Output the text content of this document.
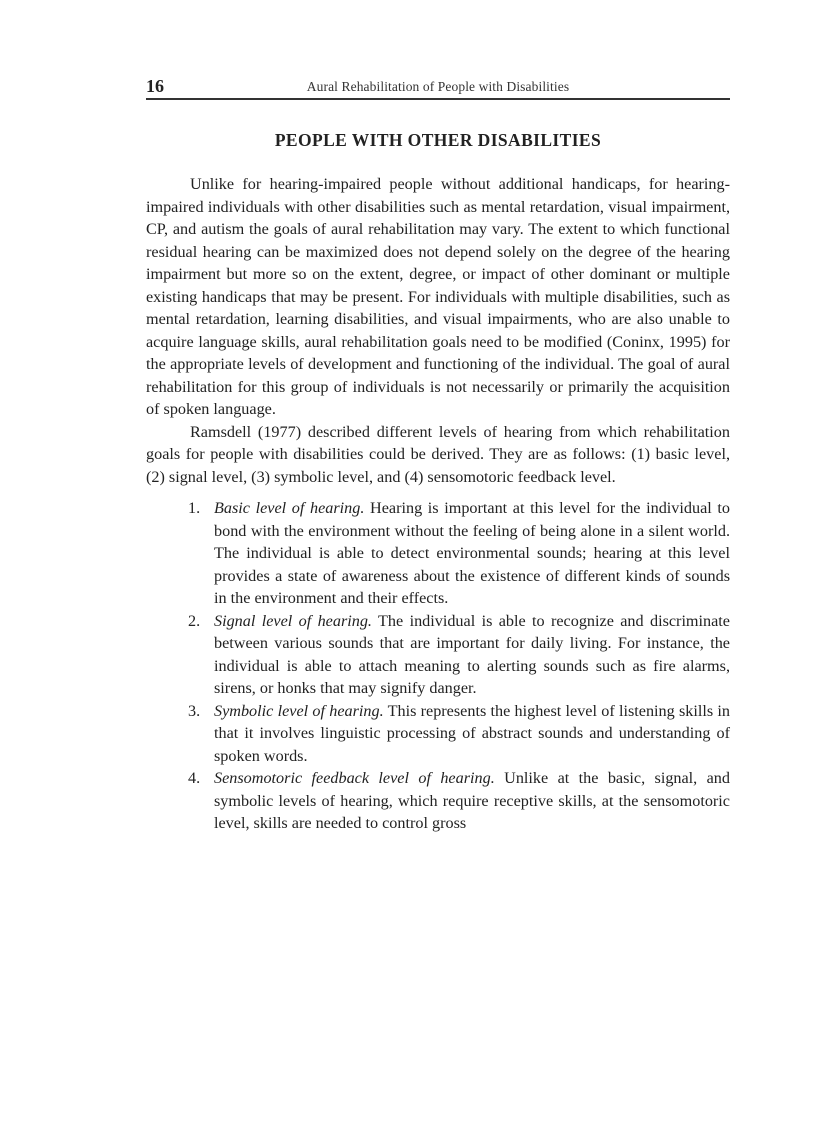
16	Aural Rehabilitation of People with Disabilities
PEOPLE WITH OTHER DISABILITIES

Unlike for hearing-impaired people without additional handicaps, for hearing-impaired individuals with other disabilities such as mental retardation, visual impairment, CP, and autism the goals of aural rehabilitation may vary. The extent to which functional residual hearing can be maximized does not depend solely on the degree of the hearing impairment but more so on the extent, degree, or impact of other dominant or multiple existing handicaps that may be present. For individuals with multiple disabilities, such as mental retardation, learning disabilities, and visual impairments, who are also unable to acquire language skills, aural rehabilitation goals need to be modified (Coninx, 1995) for the appropriate levels of development and functioning of the individual. The goal of aural rehabilitation for this group of individuals is not necessarily or primarily the acquisition of spoken language.

Ramsdell (1977) described different levels of hearing from which rehabilitation goals for people with disabilities could be derived. They are as follows: (1) basic level, (2) signal level, (3) symbolic level, and (4) sensomotoric feedback level.

1. Basic level of hearing. Hearing is important at this level for the individual to bond with the environment without the feeling of being alone in a silent world. The individual is able to detect environmental sounds; hearing at this level provides a state of awareness about the existence of different kinds of sounds in the environment and their effects.
2. Signal level of hearing. The individual is able to recognize and discriminate between various sounds that are important for daily living. For instance, the individual is able to attach meaning to alerting sounds such as fire alarms, sirens, or honks that may signify danger.
3. Symbolic level of hearing. This represents the highest level of listening skills in that it involves linguistic processing of abstract sounds and understanding of spoken words.
4. Sensomotoric feedback level of hearing. Unlike at the basic, signal, and symbolic levels of hearing, which require receptive skills, at the sensomotoric level, skills are needed to control gross
